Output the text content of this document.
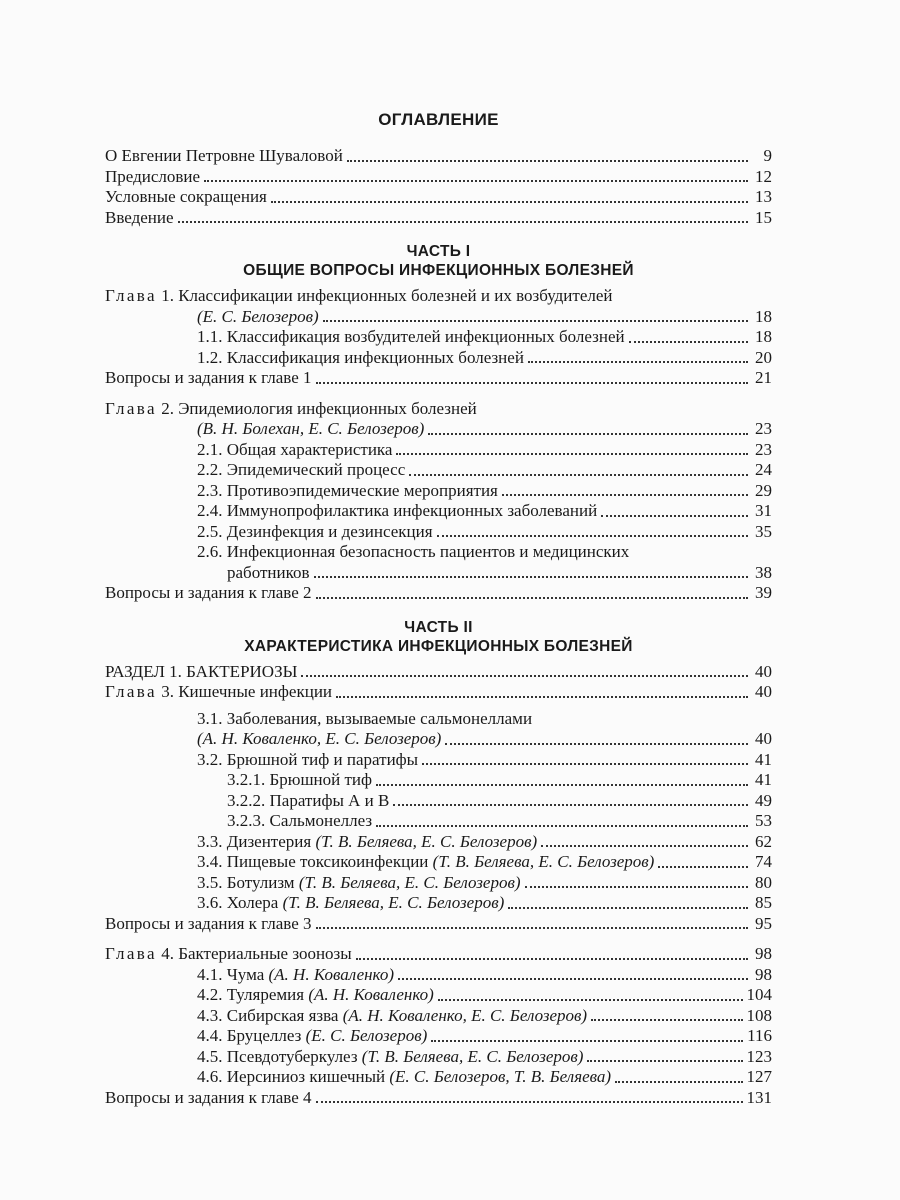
ОГЛАВЛЕНИЕ
О Евгении Петровне Шуваловой	9
Предисловие	12
Условные сокращения	13
Введение	15
ЧАСТЬ I
ОБЩИЕ ВОПРОСЫ ИНФЕКЦИОННЫХ БОЛЕЗНЕЙ
Глава 1. Классификации инфекционных болезней и их возбудителей
(Е. С. Белозеров)	18
1.1. Классификация возбудителей инфекционных болезней	18
1.2. Классификация инфекционных болезней	20
Вопросы и задания к главе 1	21
Глава 2. Эпидемиология инфекционных болезней
(В. Н. Болехан, Е. С. Белозеров)	23
2.1. Общая характеристика	23
2.2. Эпидемический процесс	24
2.3. Противоэпидемические мероприятия	29
2.4. Иммунопрофилактика инфекционных заболеваний	31
2.5. Дезинфекция и дезинсекция	35
2.6. Инфекционная безопасность пациентов и медицинских
работников	38
Вопросы и задания к главе 2	39
ЧАСТЬ II
ХАРАКТЕРИСТИКА ИНФЕКЦИОННЫХ БОЛЕЗНЕЙ
РАЗДЕЛ 1. БАКТЕРИОЗЫ	40
Глава 3. Кишечные инфекции	40
3.1. Заболевания, вызываемые сальмонеллами
(А. Н. Коваленко, Е. С. Белозеров)	40
3.2. Брюшной тиф и паратифы	41
3.2.1. Брюшной тиф	41
3.2.2. Паратифы А и В	49
3.2.3. Сальмонеллез	53
3.3. Дизентерия (Т. В. Беляева, Е. С. Белозеров)	62
3.4. Пищевые токсикоинфекции (Т. В. Беляева, Е. С. Белозеров)	74
3.5. Ботулизм (Т. В. Беляева, Е. С. Белозеров)	80
3.6. Холера (Т. В. Беляева, Е. С. Белозеров)	85
Вопросы и задания к главе 3	95
Глава 4. Бактериальные зоонозы	98
4.1. Чума (А. Н. Коваленко)	98
4.2. Туляремия (А. Н. Коваленко)	104
4.3. Сибирская язва (А. Н. Коваленко, Е. С. Белозеров)	108
4.4. Бруцеллез (Е. С. Белозеров)	116
4.5. Псевдотуберкулез (Т. В. Беляева, Е. С. Белозеров)	123
4.6. Иерсиниоз кишечный (Е. С. Белозеров, Т. В. Беляева)	127
Вопросы и задания к главе 4	131
